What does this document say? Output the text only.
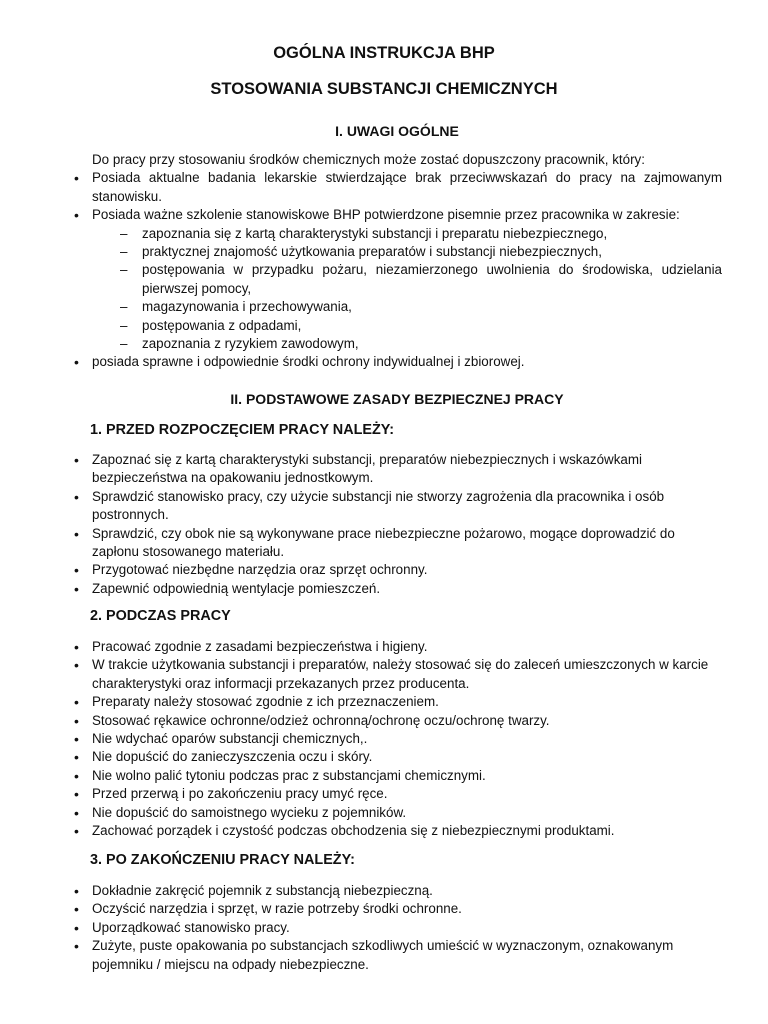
OGÓLNA INSTRUKCJA BHP
STOSOWANIA SUBSTANCJI CHEMICZNYCH
I. UWAGI OGÓLNE
Do pracy przy stosowaniu środków chemicznych może zostać dopuszczony pracownik, który:
• Posiada aktualne badania lekarskie stwierdzające brak przeciwwskazań do pracy na zajmowanym stanowisku.
• Posiada ważne szkolenie stanowiskowe BHP potwierdzone pisemnie przez pracownika w zakresie:
– zapoznania się z kartą charakterystyki substancji i preparatu niebezpiecznego,
– praktycznej znajomość użytkowania preparatów i substancji niebezpiecznych,
– postępowania w przypadku pożaru, niezamierzonego uwolnienia do środowiska, udzielania pierwszej pomocy,
– magazynowania i przechowywania,
– postępowania z odpadami,
– zapoznania z ryzykiem zawodowym,
• posiada sprawne i odpowiednie środki ochrony indywidualnej i zbiorowej.
II. PODSTAWOWE ZASADY BEZPIECZNEJ PRACY
1. PRZED ROZPOCZĘCIEM PRACY NALEŻY:
• Zapoznać się z kartą charakterystyki substancji, preparatów niebezpiecznych i wskazówkami bezpieczeństwa na opakowaniu jednostkowym.
• Sprawdzić stanowisko pracy, czy użycie substancji nie stworzy zagrożenia dla pracownika i osób postronnych.
• Sprawdzić, czy obok nie są wykonywane prace niebezpieczne pożarowo, mogące doprowadzić do zapłonu stosowanego materiału.
• Przygotować niezbędne narzędzia oraz sprzęt ochronny.
• Zapewnić odpowiednią wentylacje pomieszczeń.
2. PODCZAS PRACY
• Pracować zgodnie z zasadami bezpieczeństwa i higieny.
• W trakcie użytkowania substancji i preparatów, należy stosować się do zaleceń umieszczonych w karcie charakterystyki oraz informacji przekazanych przez producenta.
• Preparaty należy stosować zgodnie z ich przeznaczeniem.
• Stosować rękawice ochronne/odzież ochronną/ochronę oczu/ochronę twarzy.
• Nie wdychać oparów substancji chemicznych,.
• Nie dopuścić do zanieczyszczenia oczu i skóry.
• Nie wolno palić tytoniu podczas prac z substancjami chemicznymi.
• Przed przerwą i po zakończeniu pracy umyć ręce.
• Nie dopuścić do samoistnego wycieku z pojemników.
• Zachować porządek i czystość podczas obchodzenia się z niebezpiecznymi produktami.
3. PO ZAKOŃCZENIU PRACY NALEŻY:
• Dokładnie zakręcić pojemnik z substancją niebezpieczną.
• Oczyścić narzędzia i sprzęt, w razie potrzeby środki ochronne.
• Uporządkować stanowisko pracy.
• Zużyte, puste opakowania po substancjach szkodliwych umieścić w wyznaczonym, oznakowanym pojemniku / miejscu na odpady niebezpieczne.
